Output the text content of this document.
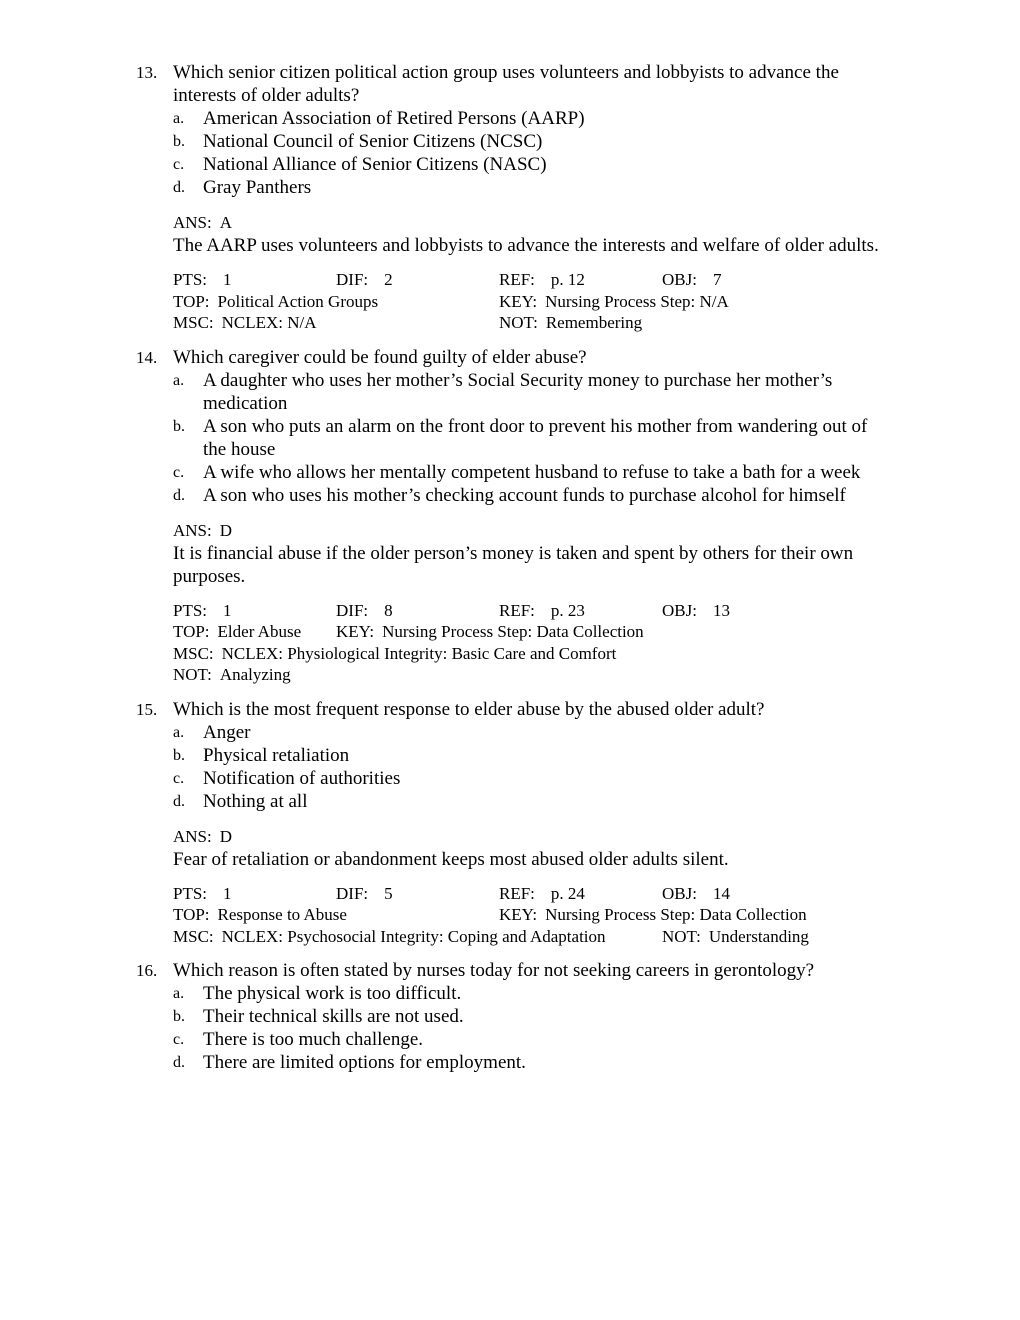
13. Which senior citizen political action group uses volunteers and lobbyists to advance the interests of older adults?

a. American Association of Retired Persons (AARP)
b. National Council of Senior Citizens (NCSC)
c. National Alliance of Senior Citizens (NASC)
d. Gray Panthers
ANS: A

The AARP uses volunteers and lobbyists to advance the interests and welfare of older adults.

PTS: 1	DIF: 2	REF: p. 12	OBJ: 7
TOP: Political Action Groups	KEY: Nursing Process Step: N/A
MSC: NCLEX: N/A	NOT: Remembering
14. Which caregiver could be found guilty of elder abuse?

a. A daughter who uses her mother’s Social Security money to purchase her mother’s medication
b. A son who puts an alarm on the front door to prevent his mother from wandering out of the house
c. A wife who allows her mentally competent husband to refuse to take a bath for a week
d. A son who uses his mother’s checking account funds to purchase alcohol for himself
ANS: D

It is financial abuse if the older person’s money is taken and spent by others for their own purposes.

PTS: 1	DIF: 8	REF: p. 23	OBJ: 13
TOP: Elder Abuse KEY: Nursing Process Step: Data Collection
MSC: NCLEX: Physiological Integrity: Basic Care and Comfort
NOT: Analyzing
15. Which is the most frequent response to elder abuse by the abused older adult?

a. Anger
b. Physical retaliation
c. Notification of authorities
d. Nothing at all
ANS: D

Fear of retaliation or abandonment keeps most abused older adults silent.

PTS: 1	DIF: 5	REF: p. 24	OBJ: 14
TOP: Response to Abuse	KEY: Nursing Process Step: Data Collection
MSC: NCLEX: Psychosocial Integrity: Coping and Adaptation	NOT: Understanding
16. Which reason is often stated by nurses today for not seeking careers in gerontology?

a. The physical work is too difficult.
b. Their technical skills are not used.
c. There is too much challenge.
d. There are limited options for employment.
